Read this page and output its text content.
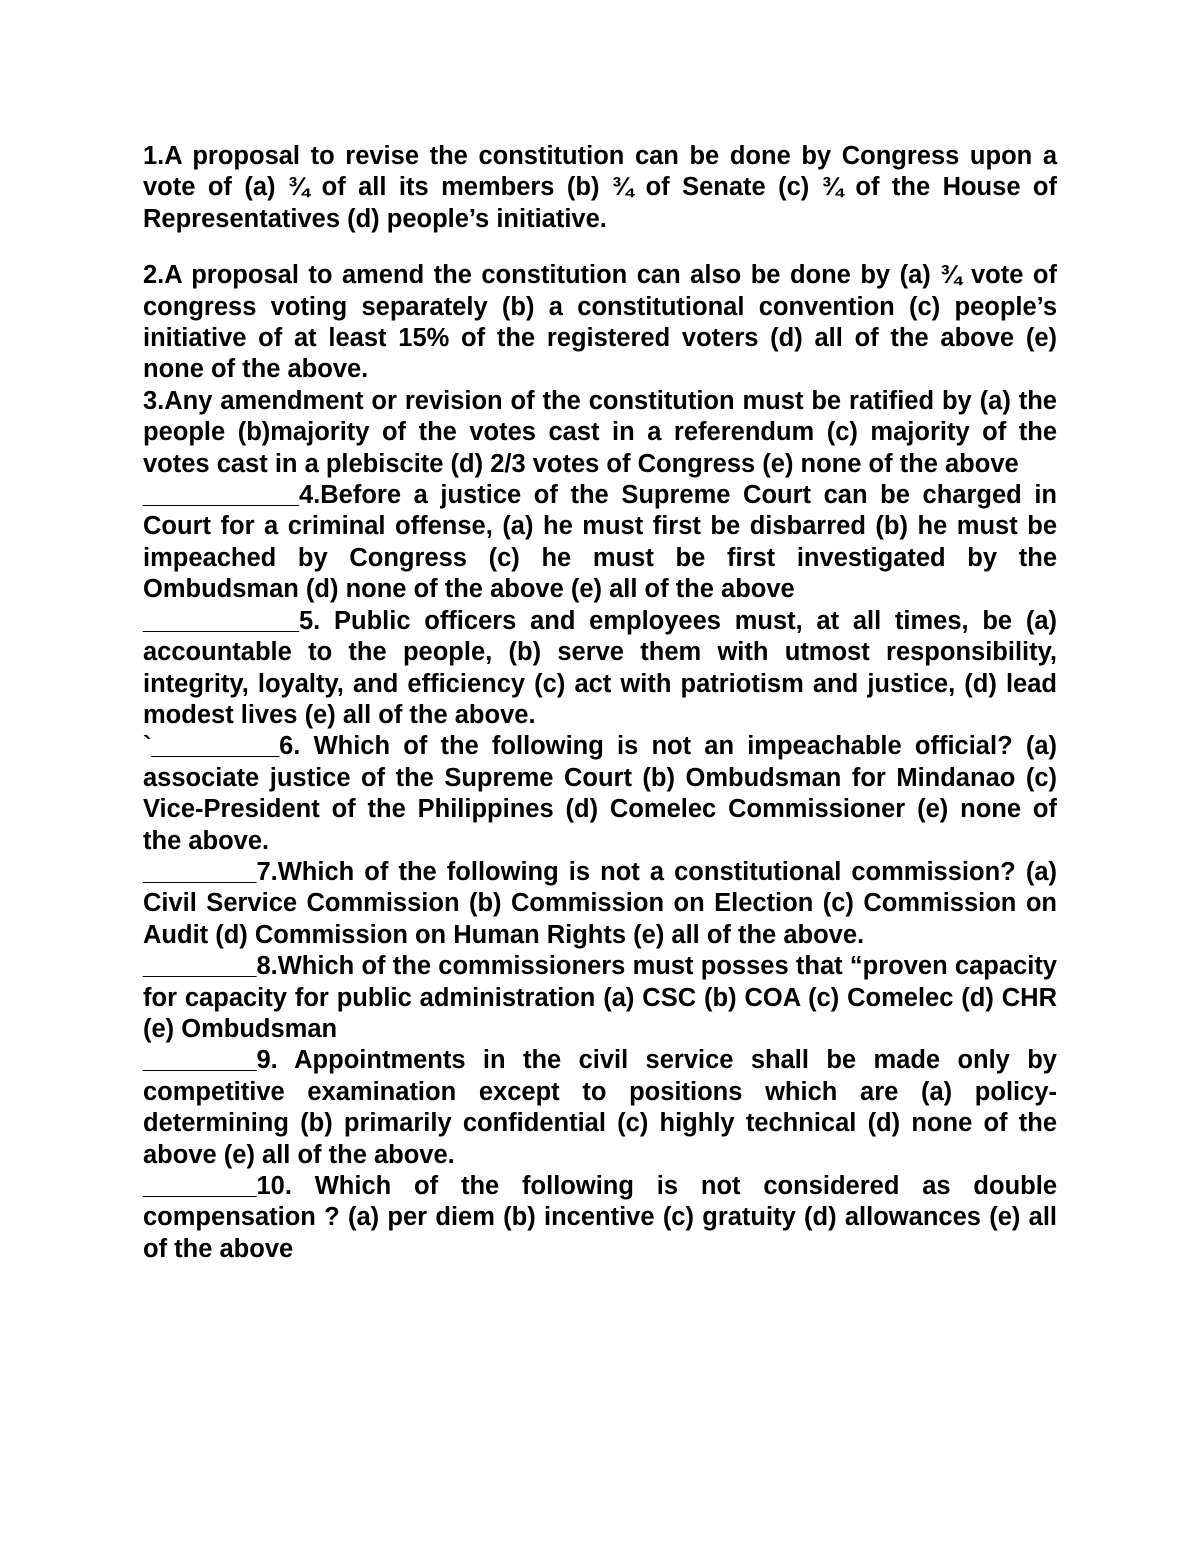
1.A proposal to revise the constitution can be done by Congress upon a vote of (a) ¾ of all its members (b) ¾ of Senate (c) ¾ of the House of Representatives (d) people’s initiative.

2.A proposal to amend the constitution can also be done by (a) ¾ vote of congress voting separately (b) a constitutional convention (c) people’s initiative of at least 15% of the registered voters (d) all of the above (e) none of the above.

3.Any amendment or revision of the constitution must be ratified by (a) the people (b)majority of the votes cast in a referendum (c) majority of the votes cast in a plebiscite (d) 2/3 votes of Congress (e) none of the above

___________4.Before a justice of the Supreme Court can be charged in Court for a criminal offense, (a) he must first be disbarred (b) he must be impeached by Congress (c) he must be first investigated by the Ombudsman (d) none of the above (e) all of the above

___________5. Public officers and employees must, at all times, be (a) accountable to the people, (b) serve them with utmost responsibility, integrity, loyalty, and efficiency (c) act with patriotism and justice, (d) lead modest lives (e) all of the above.

`_________6. Which of the following is not an impeachable official? (a) associate justice of the Supreme Court (b) Ombudsman for Mindanao (c) Vice-President of the Philippines (d) Comelec Commissioner (e) none of the above.

________7.Which of the following is not a constitutional commission? (a) Civil Service Commission (b) Commission on Election (c) Commission on Audit (d) Commission on Human Rights (e) all of the above.

________8.Which of the commissioners must posses that “proven capacity for capacity for public administration (a) CSC (b) COA (c) Comelec (d) CHR (e) Ombudsman

________9. Appointments in the civil service shall be made only by competitive examination except to positions which are (a) policy-determining (b) primarily confidential (c) highly technical (d) none of the above (e) all of the above.

________10. Which of the following is not considered as double compensation ? (a) per diem (b) incentive (c) gratuity (d) allowances (e) all of the above
